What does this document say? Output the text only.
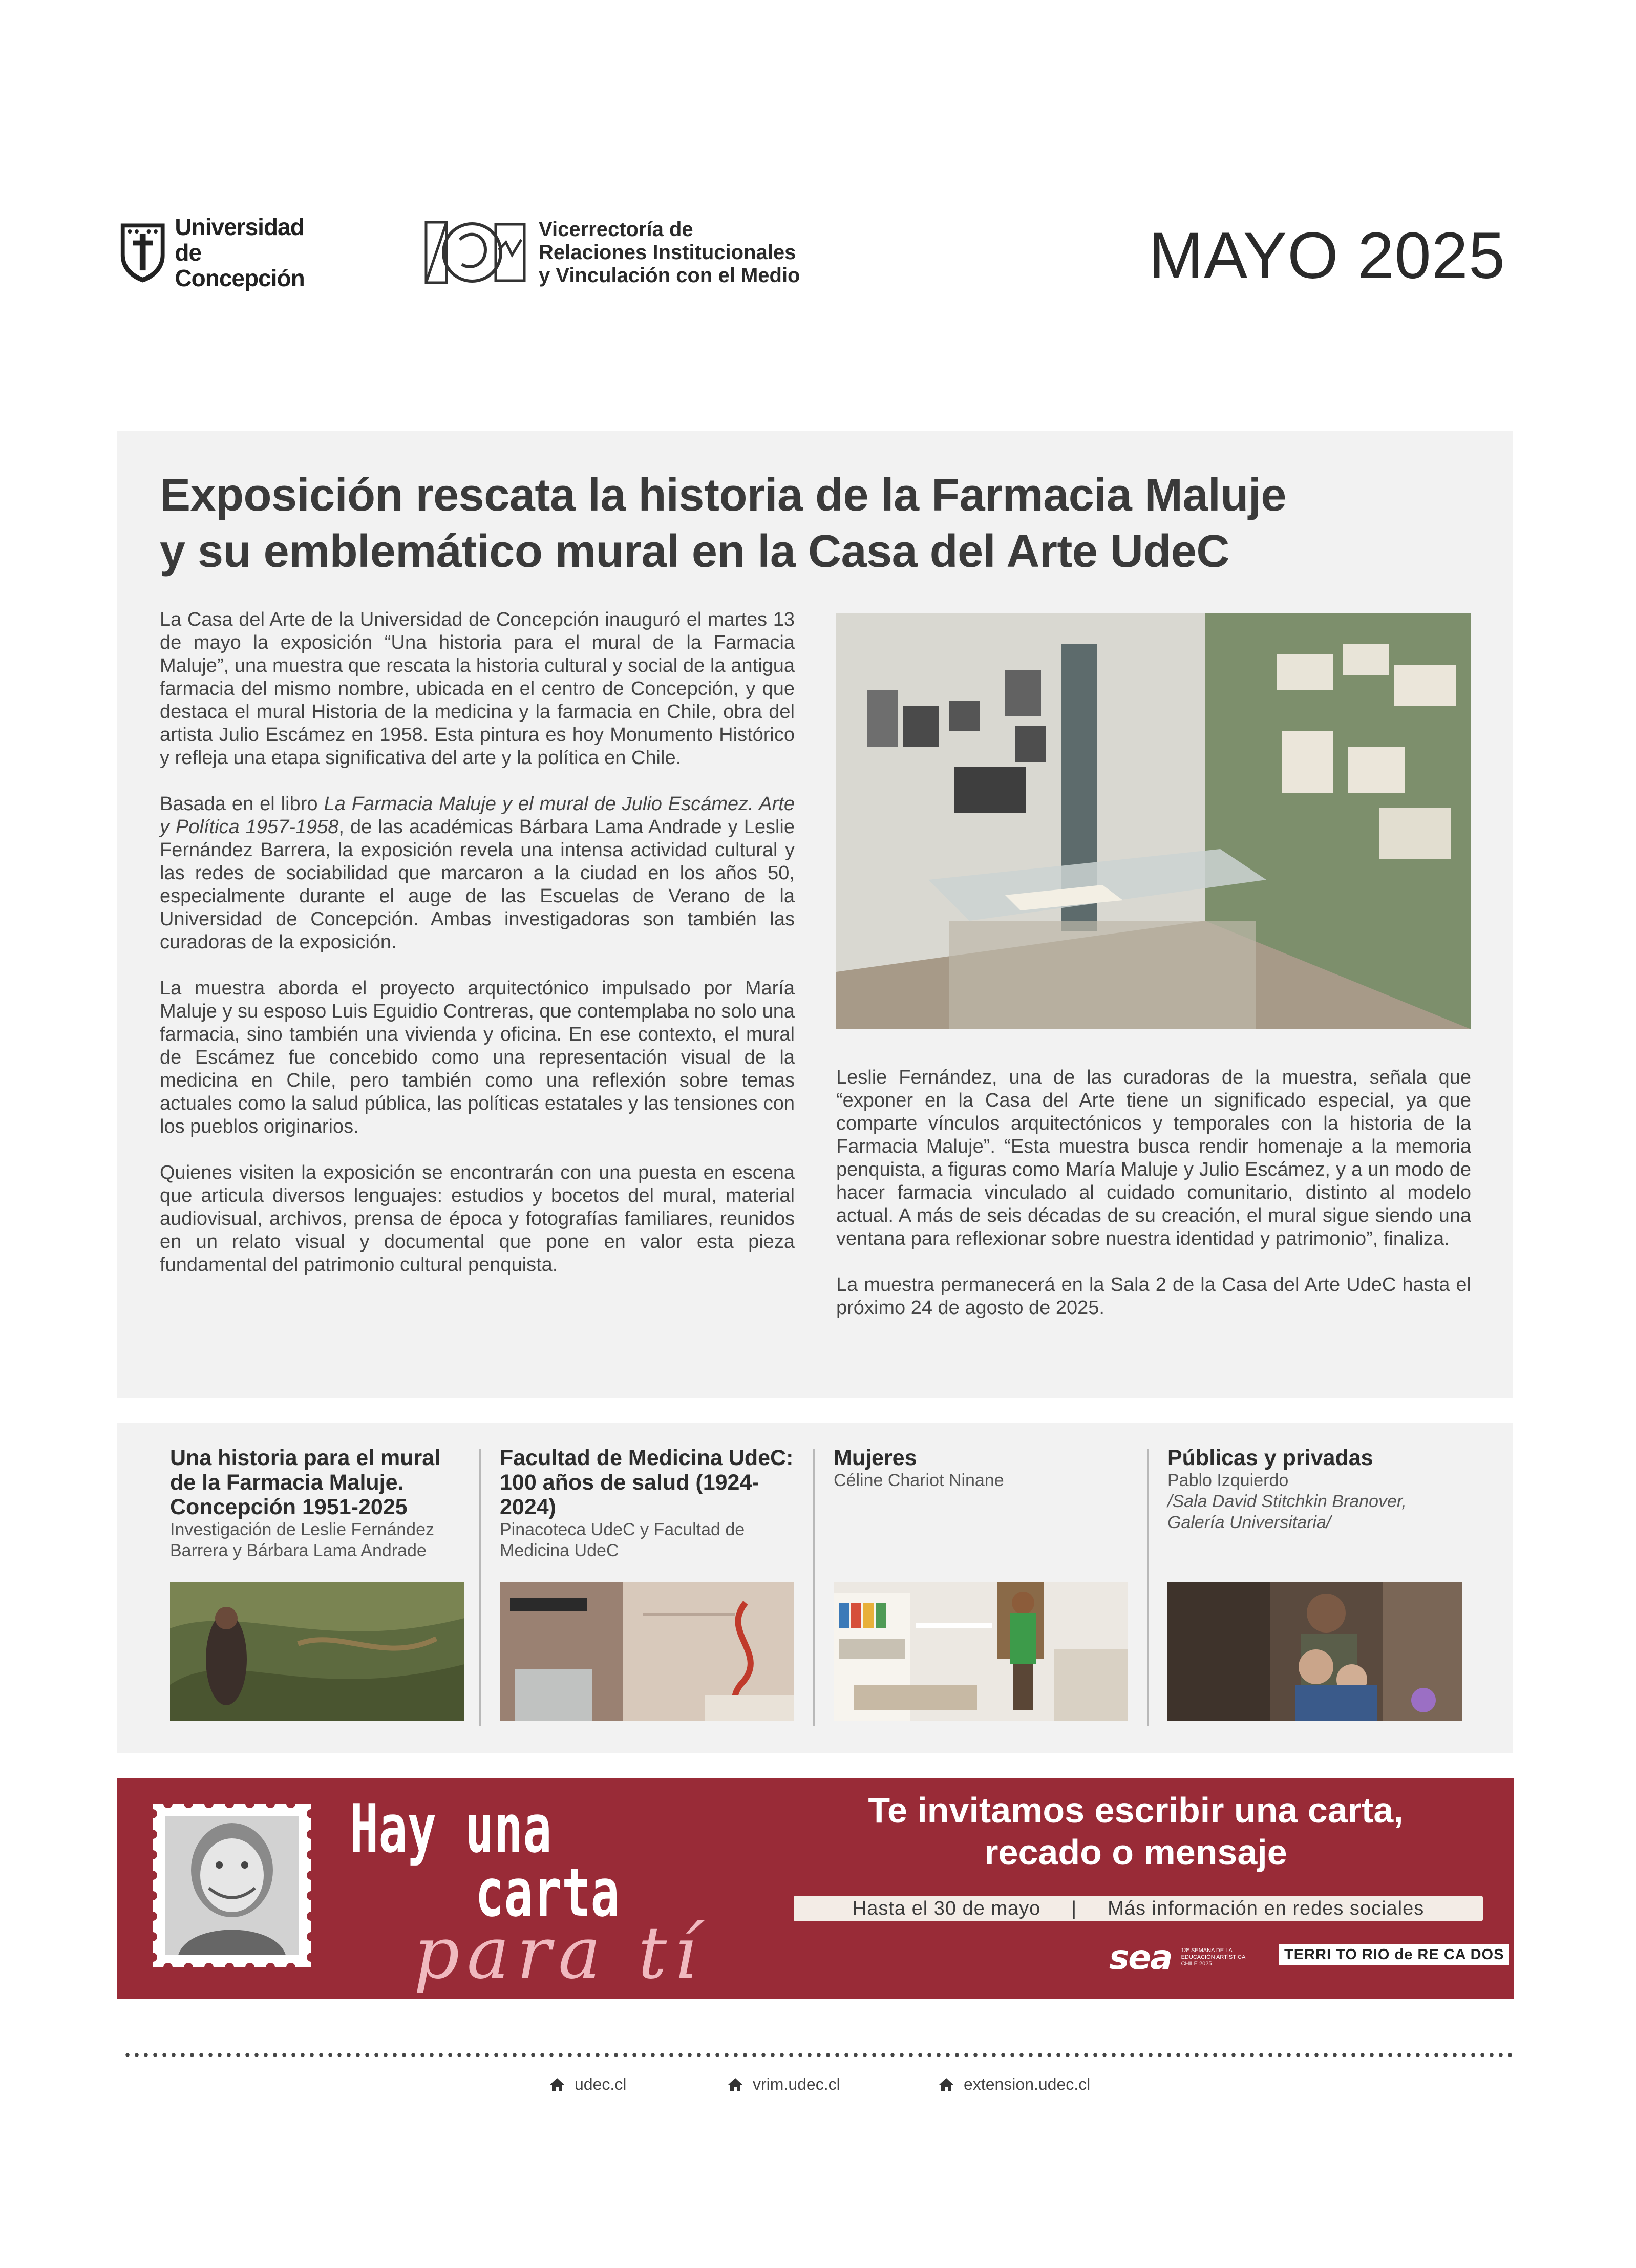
Universidad
de Concepción
Vicerrectoría de
Relaciones Institucionales
y Vinculación con el Medio	MAYO 2025
Exposición rescata la historia de la Farmacia Maluje
y su emblemático mural en la Casa del Arte UdeC

La Casa del Arte de la Universidad de Concepción inauguró el martes 13 de mayo la exposición “Una historia para el mural de la Farmacia Maluje”, una muestra que rescata la historia cultural y social de la antigua farmacia del mismo nombre, ubicada en el centro de Concepción, y que destaca el mural Historia de la medicina y la farmacia en Chile, obra del artista Julio Escámez en 1958. Esta pintura es hoy Monumento Histórico y refleja una etapa significativa del arte y la política en Chile.

Basada en el libro La Farmacia Maluje y el mural de Julio Escámez. Arte y Política 1957-1958, de las académicas Bárbara Lama Andrade y Leslie Fernández Barrera, la exposición revela una intensa actividad cultural y las redes de sociabilidad que marcaron a la ciudad en los años 50, especialmente durante el auge de las Escuelas de Verano de la Universidad de Concepción. Ambas investigadoras son también las curadoras de la exposición.

La muestra aborda el proyecto arquitectónico impulsado por María Maluje y su esposo Luis Eguidio Contreras, que contemplaba no solo una farmacia, sino también una vivienda y oficina. En ese contexto, el mural de Escámez fue concebido como una representación visual de la medicina en Chile, pero también como una reflexión sobre temas actuales como la salud pública, las políticas estatales y las tensiones con los pueblos originarios.

Quienes visiten la exposición se encontrarán con una puesta en escena que articula diversos lenguajes: estudios y bocetos del mural, material audiovisual, archivos, prensa de época y fotografías familiares, reunidos en un relato visual y documental que pone en valor esta pieza fundamental del patrimonio cultural penquista.

Leslie Fernández, una de las curadoras de la muestra, señala que “exponer en la Casa del Arte tiene un significado especial, ya que comparte vínculos arquitectónicos y temporales con la historia de la Farmacia Maluje”. “Esta muestra busca rendir homenaje a la memoria penquista, a figuras como María Maluje y Julio Escámez, y a un modo de hacer farmacia vinculado al cuidado comunitario, distinto al modelo actual. A más de seis décadas de su creación, el mural sigue siendo una ventana para reflexionar sobre nuestra identidad y patrimonio”, finaliza.

La muestra permanecerá en la Sala 2 de la Casa del Arte UdeC hasta el próximo 24 de agosto de 2025.

Una historia para el mural de la Farmacia Maluje. Concepción 1951-2025
Investigación de Leslie Fernández Barrera y Bárbara Lama Andrade
Facultad de Medicina UdeC: 100 años de salud (1924-2024)
Pinacoteca UdeC y Facultad de Medicina UdeC
Mujeres
Céline Chariot Ninane
Públicas y privadas
Pablo Izquierdo
/Sala David Stitchkin Branover, Galería Universitaria/
Hay una
carta
para tí
Te invitamos escribir una carta,
recado o mensaje
Hasta el 30 de mayo | Más información en redes sociales
sea 13ª SEMANA DE LA EDUCACIÓN ARTÍSTICA CHILE 2025
TERRI TO RIO de RE CA DOS
udec.cl	vrim.udec.cl	extension.udec.cl
